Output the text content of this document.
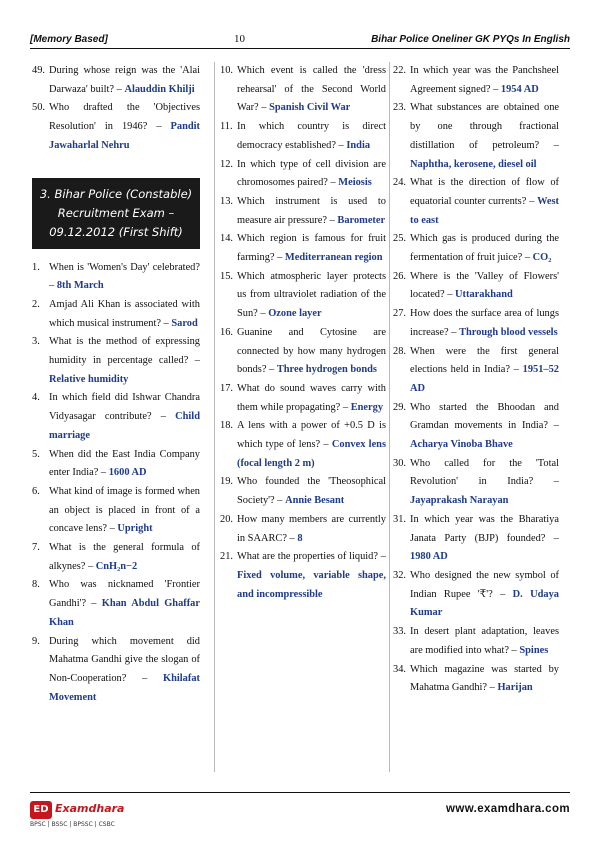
[Memory Based]	10	Bihar Police Oneliner GK PYQs In English
49. During whose reign was the 'Alai Darwaza' built? – Alauddin Khilji
50. Who drafted the 'Objectives Resolution' in 1946? – Pandit Jawaharlal Nehru
3. Bihar Police (Constable)
Recruitment Exam –
09.12.2012 (First Shift)
1. When is 'Women's Day' celebrated? – 8th March
2. Amjad Ali Khan is associated with which musical instrument? – Sarod
3. What is the method of expressing humidity in percentage called? – Relative humidity
4. In which field did Ishwar Chandra Vidyasagar contribute? – Child marriage
5. When did the East India Company enter India? – 1600 AD
6. What kind of image is formed when an object is placed in front of a concave lens? – Upright
7. What is the general formula of alkynes? – CnH₂n−2
8. Who was nicknamed 'Frontier Gandhi'? – Khan Abdul Ghaffar Khan
9. During which movement did Mahatma Gandhi give the slogan of Non-Cooperation? – Khilafat Movement
10. Which event is called the 'dress rehearsal' of the Second World War? – Spanish Civil War
11. In which country is direct democracy established? – India
12. In which type of cell division are chromosomes paired? – Meiosis
13. Which instrument is used to measure air pressure? – Barometer
14. Which region is famous for fruit farming? – Mediterranean region
15. Which atmospheric layer protects us from ultraviolet radiation of the Sun? – Ozone layer
16. Guanine and Cytosine are connected by how many hydrogen bonds? – Three hydrogen bonds
17. What do sound waves carry with them while propagating? – Energy
18. A lens with a power of +0.5 D is which type of lens? – Convex lens (focal length 2 m)
19. Who founded the 'Theosophical Society'? – Annie Besant
20. How many members are currently in SAARC? – 8
21. What are the properties of liquid? – Fixed volume, variable shape, and incompressible
22. In which year was the Panchsheel Agreement signed? – 1954 AD
23. What substances are obtained one by one through fractional distillation of petroleum? – Naphtha, kerosene, diesel oil
24. What is the direction of flow of equatorial counter currents? – West to east
25. Which gas is produced during the fermentation of fruit juice? – CO₂
26. Where is the 'Valley of Flowers' located? – Uttarakhand
27. How does the surface area of lungs increase? – Through blood vessels
28. When were the first general elections held in India? – 1951–52 AD
29. Who started the Bhoodan and Gramdan movements in India? – Acharya Vinoba Bhave
30. Who called for the 'Total Revolution' in India? – Jayaprakash Narayan
31. In which year was the Bharatiya Janata Party (BJP) founded? – 1980 AD
32. Who designed the new symbol of Indian Rupee '₹'? – D. Udaya Kumar
33. In desert plant adaptation, leaves are modified into what? – Spines
34. Which magazine was started by Mahatma Gandhi? – Harijan
ED Examdhara
BPSC | BSSC | BPSSC | CSBC
www.examdhara.com
